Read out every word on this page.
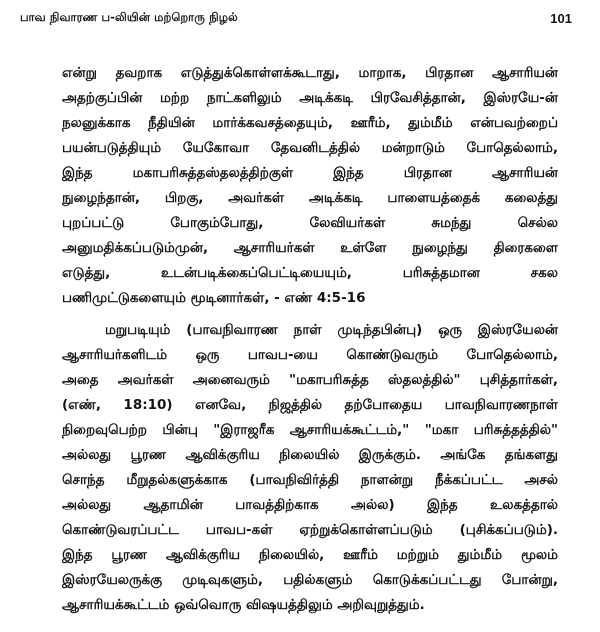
பாவ நிவாரண ப-லியின் மற்றொரு நிழல்	101
என்று தவறாக எடுத்துக்கொள்ளக்கூடாது, மாறாக, பிரதான ஆசாரியன்
அதற்குப்பின் மற்ற நாட்களிலும் அடிக்கடி பிரவேசித்தான், இஸ்ரயே-ன்
நலனுக்காக நீதியின் மார்க்கவசத்தையும், ஊரீம், தும்மீம் என்பவற்றைப்
பயன்படுத்தியும் யேகோவா தேவனிடத்தில் மன்றாடும் போதெல்லாம்,
இந்த மகாபரிசுத்தஸ்தலத்திற்குள் இந்த பிரதான ஆசாரியன்
நுழைந்தான், பிறகு, அவர்கள் அடிக்கடி பாளையத்தைக் கலைத்து
புறப்பட்டு போகும்போது, லேவியர்கள் சுமந்து செல்ல
அனுமதிக்கப்படும்முன், ஆசாரியர்கள் உள்ளே நுழைந்து திரைகளை
எடுத்து, உடன்படிக்கைப்பெட்டியையும், பரிசுத்தமான சகல
பணிமுட்டுகளையும் மூடினார்கள், - எண் 4:5-16
மறுபடியும் (பாவநிவாரண நாள் முடிந்தபின்பு) ஒரு இஸ்ரயேலன்
ஆசாரியர்களிடம் ஒரு பாவப-யை கொண்டுவரும் போதெல்லாம்,
அதை அவர்கள் அனைவரும் "மகாபரிசுத்த ஸ்தலத்தில்" புசித்தார்கள்,
(எண், 18:10) எனவே, நிஜத்தில் தற்போதைய பாவநிவாரணநாள்
நிறைவுபெற்ற பின்பு "இராஜரீக ஆசாரியக்கூட்டம்," "மகா பரிசுத்தத்தில்"
அல்லது பூரண ஆவிக்குரிய நிலையில் இருக்கும். அங்கே தங்களது
சொந்த மீறுதல்களுக்காக (பாவநிவிர்த்தி நாளன்று நீக்கப்பட்ட அசல்
அல்லது ஆதாமின் பாவத்திற்காக அல்ல) இந்த உலகத்தால்
கொண்டுவரப்பட்ட பாவப-கள் ஏற்றுக்கொள்ளப்படும் (புசிக்கப்படும்).
இந்த பூரண ஆவிக்குரிய நிலையில், ஊரீம் மற்றும் தும்மீம் மூலம்
இஸ்ரயேலருக்கு முடிவுகளும், பதில்களும் கொடுக்கப்பட்டது போன்று,
ஆசாரியக்கூட்டம் ஒவ்வொரு விஷயத்திலும் அறிவுறுத்தும்.
